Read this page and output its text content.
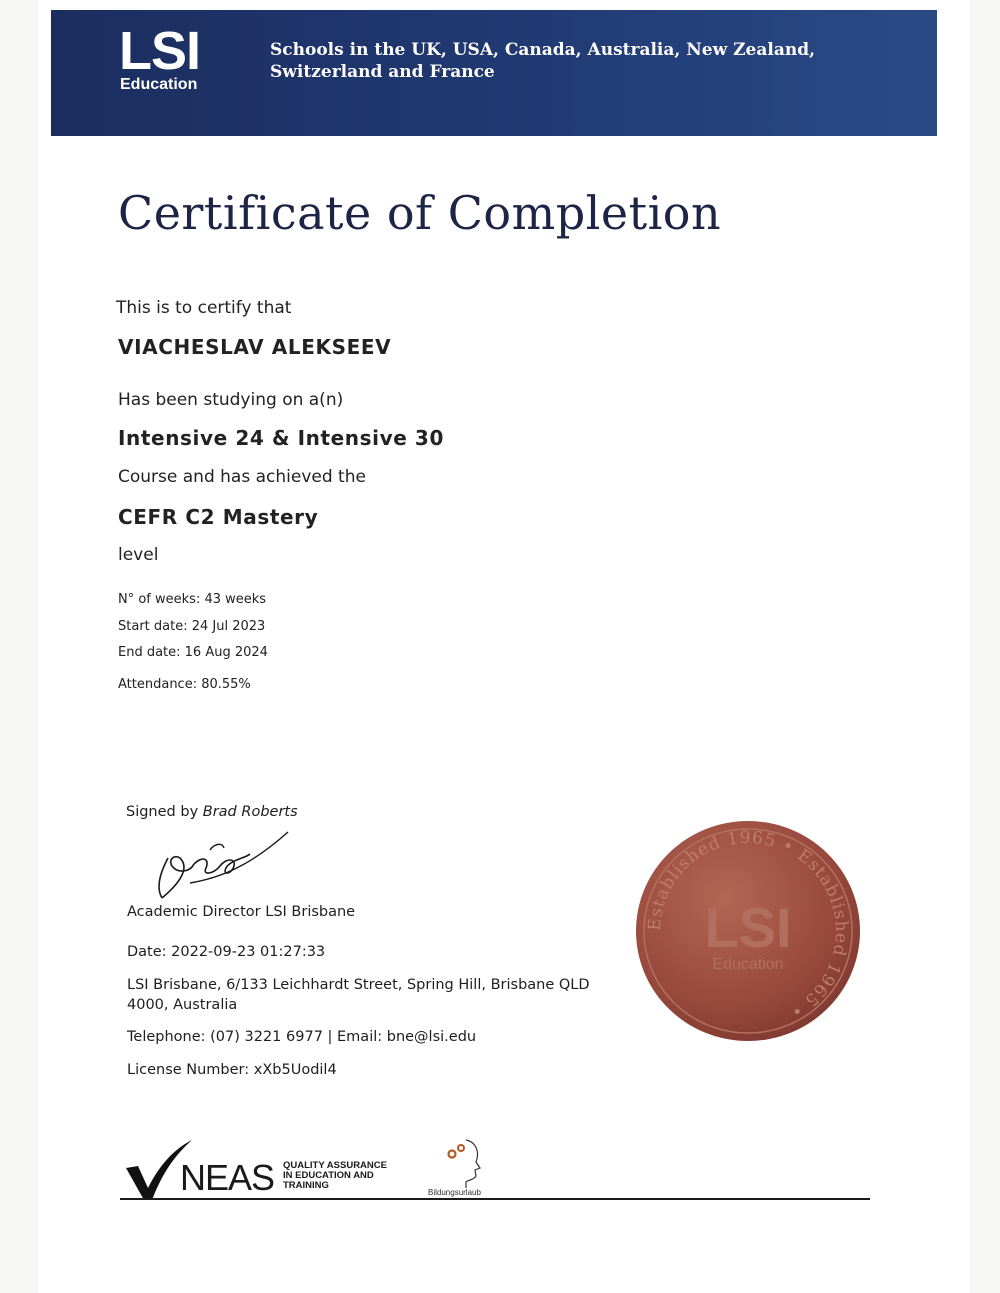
LSI
Education
Schools in the UK, USA, Canada, Australia, New Zealand, Switzerland and France
Certificate of Completion
This is to certify that
VIACHESLAV ALEKSEEV
Has been studying on a(n)
Intensive 24 & Intensive 30
Course and has achieved the
CEFR C2 Mastery
level
N° of weeks: 43 weeks
Start date: 24 Jul 2023
End date: 16 Aug 2024
Attendance: 80.55%
Signed by Brad Roberts
Academic Director LSI Brisbane
Date: 2022-09-23 01:27:33
LSI Brisbane, 6/133 Leichhardt Street, Spring Hill, Brisbane QLD
4000, Australia
Telephone: (07) 3221 6977 | Email: bne@lsi.edu
License Number: xXb5Uodil4
Established 1965 • Established 1965 •
LSI
Education
NEAS QUALITY ASSURANCE
IN EDUCATION AND
TRAINING
Bildungsurlaub
